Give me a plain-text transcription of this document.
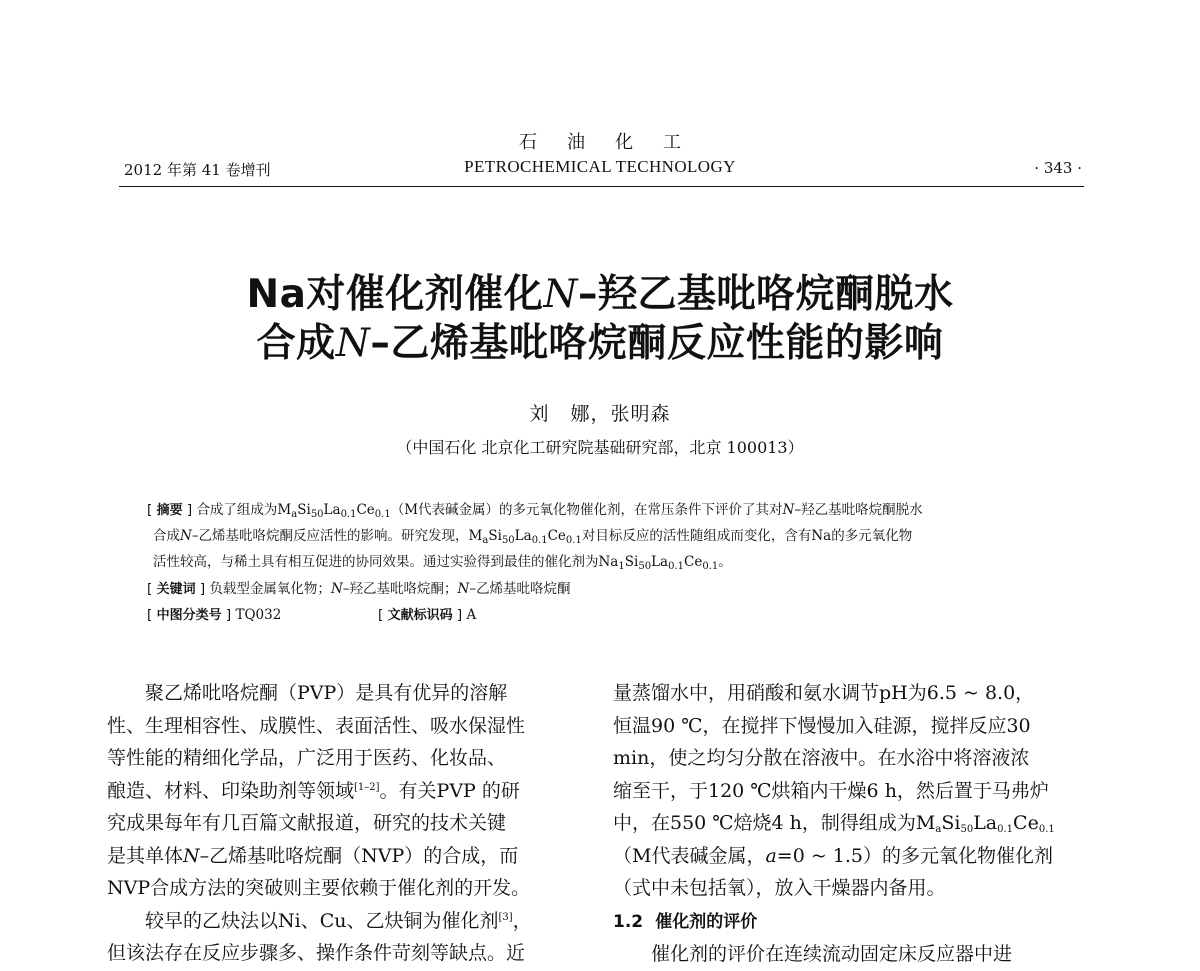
石油化工
PETROCHEMICAL TECHNOLOGY
2012 年第 41 卷增刊	· 343 ·
Na对催化剂催化N–羟乙基吡咯烷酮脱水
合成N–乙烯基吡咯烷酮反应性能的影响
刘   娜，张明森
（中国石化 北京化工研究院基础研究部，北京 100013）
[ 摘要 ] 合成了组成为$M_aSi_{50}La_{0.1}Ce_{0.1}(M$代表碱金属）的多元氧化物催化剂，在常压条件下评价了其对N–羟乙基吡咯烷酮脱水
合成N–乙烯基吡咯烷酮反应活性的影响。研究发现，$M_aSi_{50}La_{0.1}Ce_{0.1}$对目标反应的活性随组成而变化，含有Na的多元氧化物
活性较高，与稀土具有相互促进的协同效果。通过实验得到最佳的催化剂为$Na_1Si_{50}La_{0.1}Ce_{0.1}$。
[ 关键词 ] 负载型金属氧化物；N–羟乙基吡咯烷酮；N–乙烯基吡咯烷酮
[ 中图分类号 ] TQ032	[ 文献标识码 ] A
聚乙烯吡咯烷酮（PVP）是具有优异的溶解
性、生理相容性、成膜性、表面活性、吸水保湿性
等性能的精细化学品，广泛用于医药、化妆品、
酿造、材料、印染助剂等领域[1–2]。有关PVP 的研
究成果每年有几百篇文献报道，研究的技术关键
是其单体N–乙烯基吡咯烷酮（NVP）的合成，而
NVP合成方法的突破则主要依赖于催化剂的开发。
较早的乙炔法以Ni、Cu、乙炔铜为催化剂[3]，
但该法存在反应步骤多、操作条件苛刻等缺点。近
量蒸馏水中，用硝酸和氨水调节pH为6.5 ~ 8.0，
恒温90 ℃，在搅拌下慢慢加入硅源，搅拌反应30
min，使之均匀分散在溶液中。在水浴中将溶液浓
缩至干，于120 ℃烘箱内干燥6 h，然后置于马弗炉
中，在550 ℃焙烧4 h，制得组成为$M_aSi_{50}La_{0.1}Ce_{0.1}$
（M代表碱金属，a=0 ~ 1.5）的多元氧化物催化剂
（式中未包括氧），放入干燥器内备用。
1.2 催化剂的评价
催化剂的评价在连续流动固定床反应器中进
